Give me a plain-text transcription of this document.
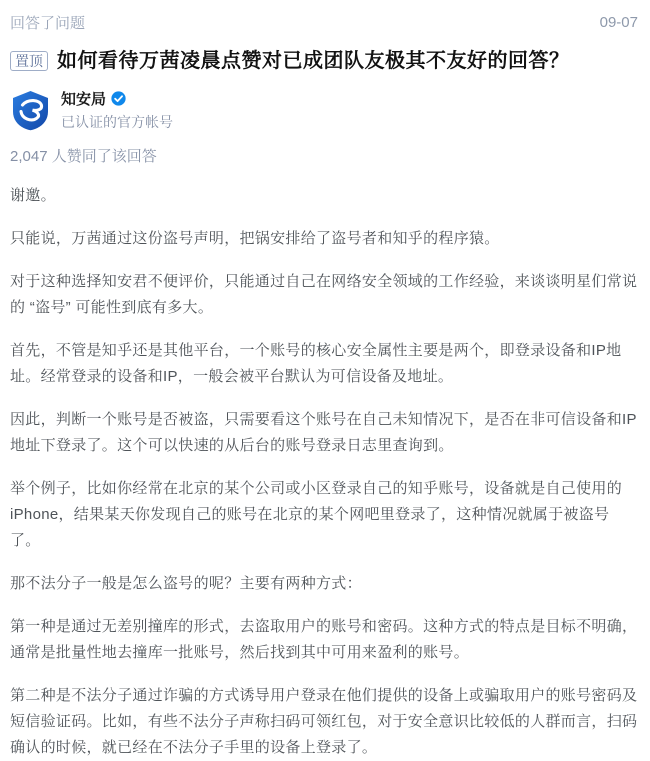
回答了问题	09-07
置顶 如何看待万茜凌晨点赞对已成团队友极其不友好的回答？
知安局
已认证的官方帐号
2,047 人赞同了该回答

谢邀。

只能说，万茜通过这份盗号声明，把锅安排给了盗号者和知乎的程序猿。

对于这种选择知安君不便评价，只能通过自己在网络安全领域的工作经验，来谈谈明星们常说的 “盗号” 可能性到底有多大。

首先，不管是知乎还是其他平台，一个账号的核心安全属性主要是两个，即登录设备和IP地址。经常登录的设备和IP，一般会被平台默认为可信设备及地址。

因此，判断一个账号是否被盗，只需要看这个账号在自己未知情况下，是否在非可信设备和IP地址下登录了。这个可以快速的从后台的账号登录日志里查询到。

举个例子，比如你经常在北京的某个公司或小区登录自己的知乎账号，设备就是自己使用的iPhone，结果某天你发现自己的账号在北京的某个网吧里登录了，这种情况就属于被盗号了。

那不法分子一般是怎么盗号的呢？主要有两种方式：

第一种是通过无差别撞库的形式，去盗取用户的账号和密码。这种方式的特点是目标不明确，通常是批量性地去撞库一批账号，然后找到其中可用来盈利的账号。

第二种是不法分子通过诈骗的方式诱导用户登录在他们提供的设备上或骗取用户的账号密码及短信验证码。比如，有些不法分子声称扫码可领红包，对于安全意识比较低的人群而言，扫码确认的时候，就已经在不法分子手里的设备上登录了。
